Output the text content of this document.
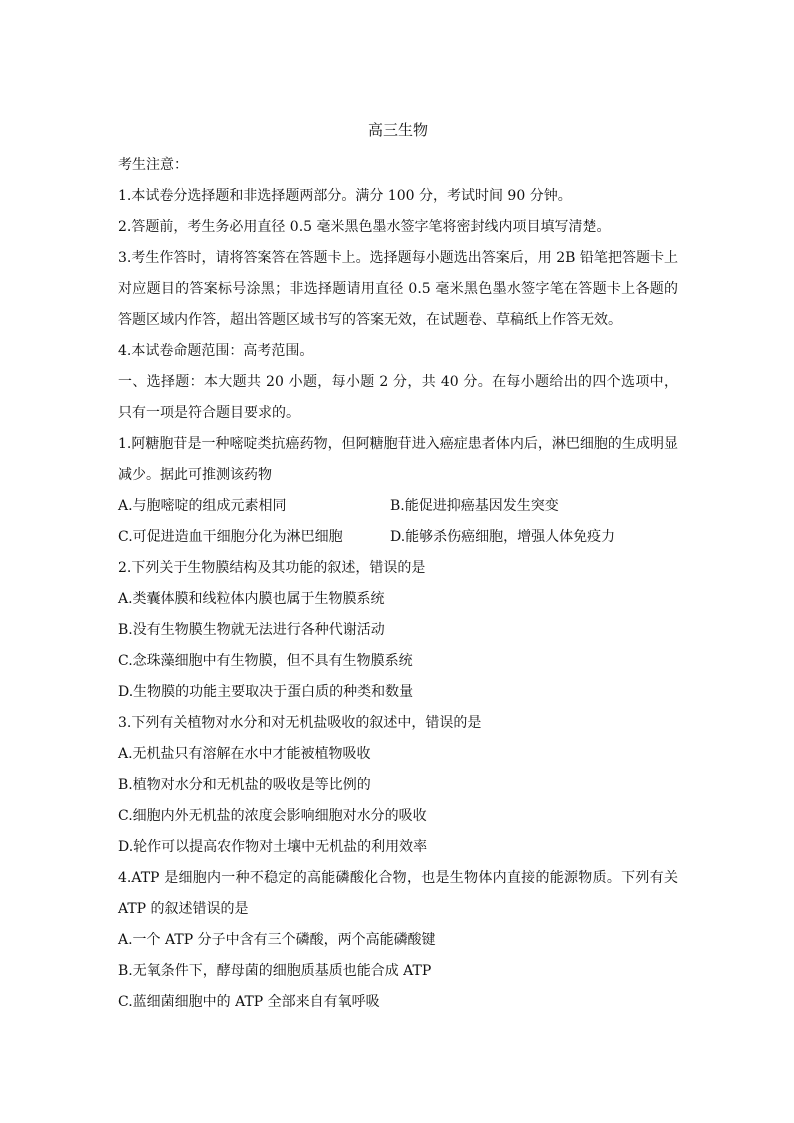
高三生物
考生注意：
1.本试卷分选择题和非选择题两部分。满分 100 分，考试时间 90 分钟。
2.答题前，考生务必用直径 0.5 毫米黑色墨水签字笔将密封线内项目填写清楚。
3.考生作答时，请将答案答在答题卡上。选择题每小题选出答案后，用 2B 铅笔把答题卡上对应题目的答案标号涂黑；非选择题请用直径 0.5 毫米黑色墨水签字笔在答题卡上各题的答题区域内作答，超出答题区域书写的答案无效，在试题卷、草稿纸上作答无效。
4.本试卷命题范围：高考范围。
一、选择题：本大题共 20 小题，每小题 2 分，共 40 分。在每小题给出的四个选项中，只有一项是符合题目要求的。
1.阿糖胞苷是一种嘧啶类抗癌药物，但阿糖胞苷进入癌症患者体内后，淋巴细胞的生成明显减少。据此可推测该药物
A.与胞嘧啶的组成元素相同	B.能促进抑癌基因发生突变
C.可促进造血干细胞分化为淋巴细胞	D.能够杀伤癌细胞，增强人体免疫力
2.下列关于生物膜结构及其功能的叙述，错误的是
A.类囊体膜和线粒体内膜也属于生物膜系统
B.没有生物膜生物就无法进行各种代谢活动
C.念珠藻细胞中有生物膜，但不具有生物膜系统
D.生物膜的功能主要取决于蛋白质的种类和数量
3.下列有关植物对水分和对无机盐吸收的叙述中，错误的是
A.无机盐只有溶解在水中才能被植物吸收
B.植物对水分和无机盐的吸收是等比例的
C.细胞内外无机盐的浓度会影响细胞对水分的吸收
D.轮作可以提高农作物对土壤中无机盐的利用效率
4.ATP 是细胞内一种不稳定的高能磷酸化合物，也是生物体内直接的能源物质。下列有关 ATP 的叙述错误的是
A.一个 ATP 分子中含有三个磷酸，两个高能磷酸键
B.无氧条件下，酵母菌的细胞质基质也能合成 ATP
C.蓝细菌细胞中的 ATP 全部来自有氧呼吸
